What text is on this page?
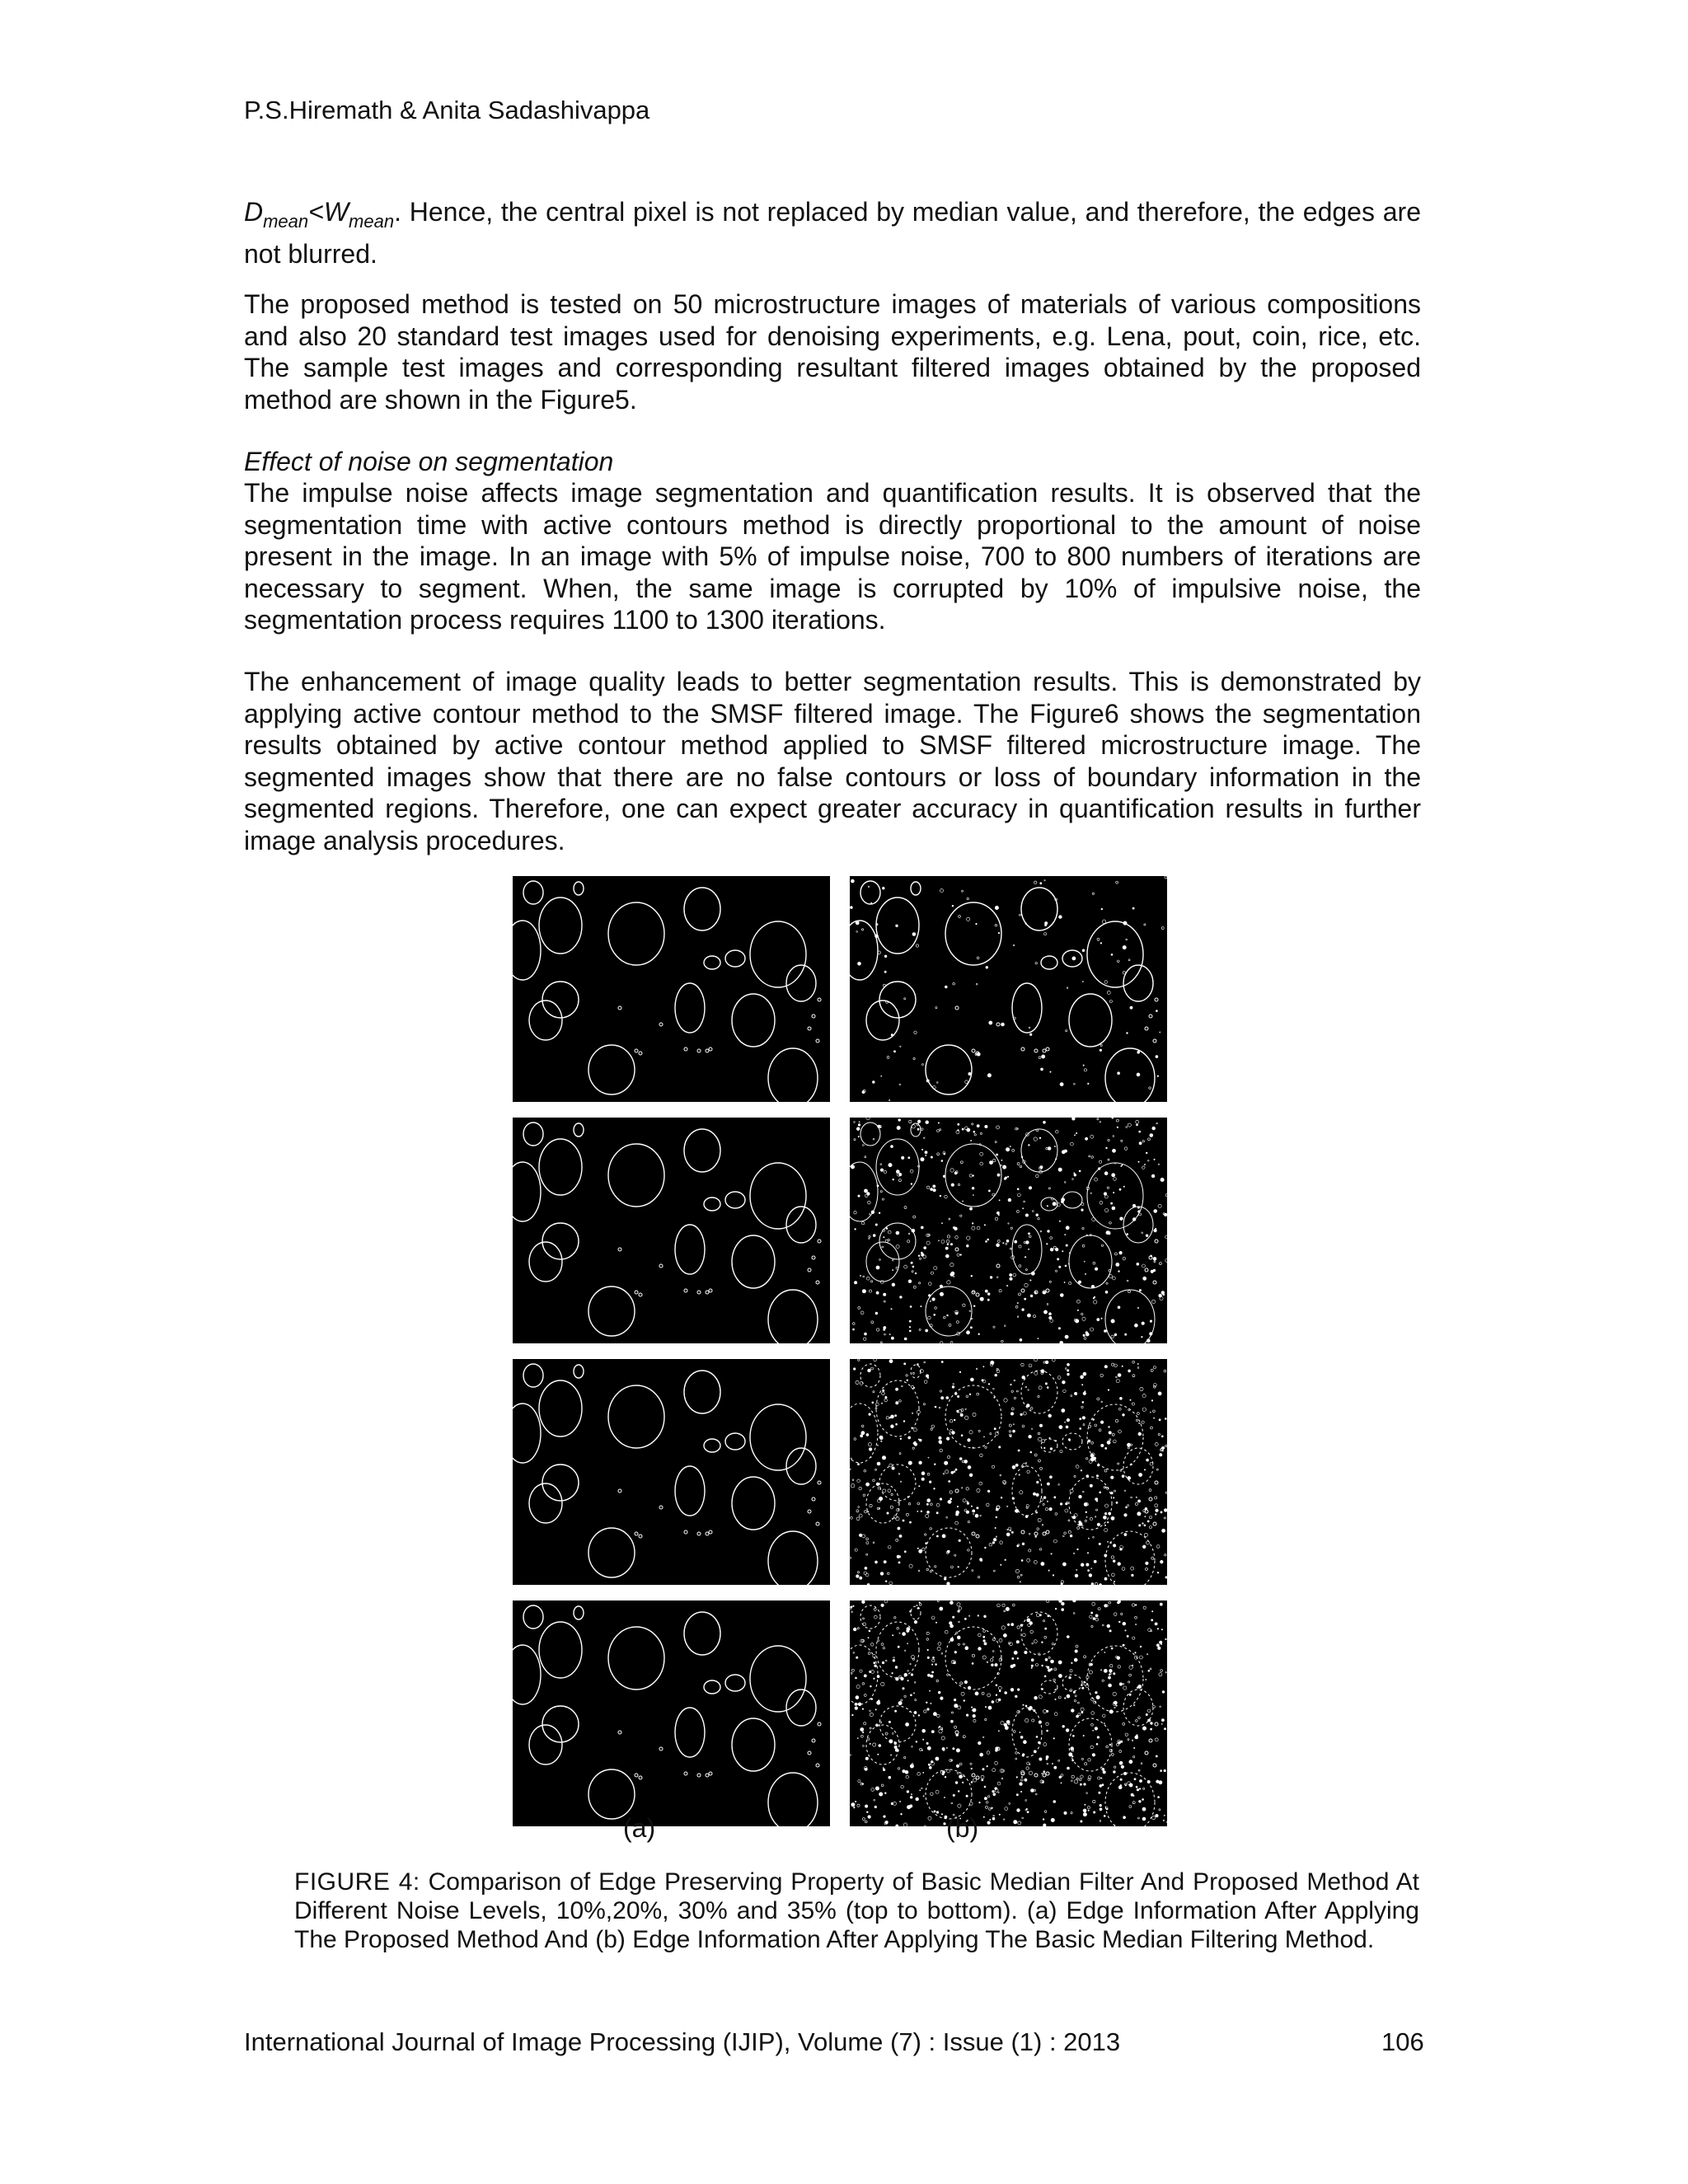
P.S.Hiremath & Anita Sadashivappa

$D_{mean}<W_{mean}$. Hence, the central pixel is not replaced by median value, and therefore, the edges are not blurred.

The proposed method is tested on 50 microstructure images of materials of various compositions and also 20 standard test images used for denoising experiments, e.g. Lena, pout, coin, rice, etc. The sample test images and corresponding resultant filtered images obtained by the proposed method are shown in the Figure5.

Effect of noise on segmentation

The impulse noise affects image segmentation and quantification results. It is observed that the segmentation time with active contours method is directly proportional to the amount of noise present in the image. In an image with 5% of impulse noise, 700 to 800 numbers of iterations are necessary to segment. When, the same image is corrupted by 10% of impulsive noise, the segmentation process requires 1100 to 1300 iterations.

The enhancement of image quality leads to better segmentation results. This is demonstrated by applying active contour method to the SMSF filtered image. The Figure6 shows the segmentation results obtained by active contour method applied to SMSF filtered microstructure image. The segmented images show that there are no false contours or loss of boundary information in the segmented regions. Therefore, one can expect greater accuracy in quantification results in further image analysis procedures.

(a)	(b)

FIGURE 4: Comparison of Edge Preserving Property of Basic Median Filter And Proposed Method At Different Noise Levels, 10%,20%, 30% and 35% (top to bottom). (a) Edge Information After Applying The Proposed Method And (b) Edge Information After Applying The Basic Median Filtering Method.

International Journal of Image Processing (IJIP), Volume (7) : Issue (1) : 2013	106
